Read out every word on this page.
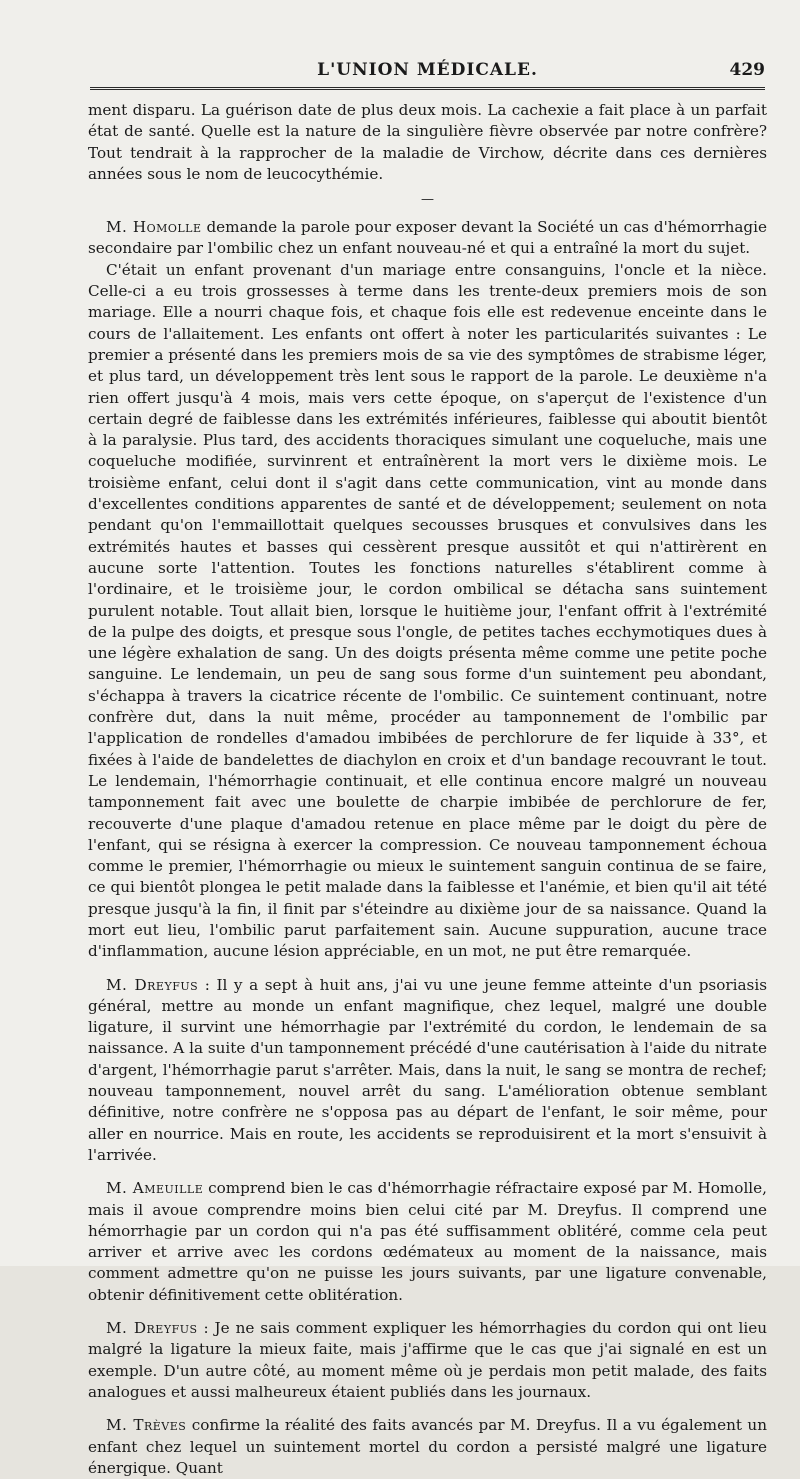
L'UNION MÉDICALE.	429

ment disparu. La guérison date de plus deux mois. La cachexie a fait place à un parfait état de santé. Quelle est la nature de la singulière fièvre observée par notre confrère? Tout tendrait à la rapprocher de la maladie de Virchow, décrite dans ces dernières années sous le nom de leucocythémie.

—

M. Homolle demande la parole pour exposer devant la Société un cas d'hémorrhagie secondaire par l'ombilic chez un enfant nouveau-né et qui a entraîné la mort du sujet.

C'était un enfant provenant d'un mariage entre consanguins, l'oncle et la nièce. Celle-ci a eu trois grossesses à terme dans les trente-deux premiers mois de son mariage. Elle a nourri chaque fois, et chaque fois elle est redevenue enceinte dans le cours de l'allaitement. Les enfants ont offert à noter les particularités suivantes : Le premier a présenté dans les premiers mois de sa vie des symptômes de strabisme léger, et plus tard, un développement très lent sous le rapport de la parole. Le deuxième n'a rien offert jusqu'à 4 mois, mais vers cette époque, on s'aperçut de l'existence d'un certain degré de faiblesse dans les extrémités inférieures, faiblesse qui aboutit bientôt à la paralysie. Plus tard, des accidents thoraciques simulant une coqueluche, mais une coqueluche modifiée, survinrent et entraînèrent la mort vers le dixième mois. Le troisième enfant, celui dont il s'agit dans cette communication, vint au monde dans d'excellentes conditions apparentes de santé et de développement; seulement on nota pendant qu'on l'emmaillottait quelques secousses brusques et convulsives dans les extrémités hautes et basses qui cessèrent presque aussitôt et qui n'attirèrent en aucune sorte l'attention. Toutes les fonctions naturelles s'établirent comme à l'ordinaire, et le troisième jour, le cordon ombilical se détacha sans suintement purulent notable. Tout allait bien, lorsque le huitième jour, l'enfant offrit à l'extrémité de la pulpe des doigts, et presque sous l'ongle, de petites taches ecchymotiques dues à une légère exhalation de sang. Un des doigts présenta même comme une petite poche sanguine. Le lendemain, un peu de sang sous forme d'un suintement peu abondant, s'échappa à travers la cicatrice récente de l'ombilic. Ce suintement continuant, notre confrère dut, dans la nuit même, procéder au tamponnement de l'ombilic par l'application de rondelles d'amadou imbibées de perchlorure de fer liquide à 33°, et fixées à l'aide de bandelettes de diachylon en croix et d'un bandage recouvrant le tout. Le lendemain, l'hémorrhagie continuait, et elle continua encore malgré un nouveau tamponnement fait avec une boulette de charpie imbibée de perchlorure de fer, recouverte d'une plaque d'amadou retenue en place même par le doigt du père de l'enfant, qui se résigna à exercer la compression. Ce nouveau tamponnement échoua comme le premier, l'hémorrhagie ou mieux le suintement sanguin continua de se faire, ce qui bientôt plongea le petit malade dans la faiblesse et l'anémie, et bien qu'il ait tété presque jusqu'à la fin, il finit par s'éteindre au dixième jour de sa naissance. Quand la mort eut lieu, l'ombilic parut parfaitement sain. Aucune suppuration, aucune trace d'inflammation, aucune lésion appréciable, en un mot, ne put être remarquée.

M. Dreyfus : Il y a sept à huit ans, j'ai vu une jeune femme atteinte d'un psoriasis général, mettre au monde un enfant magnifique, chez lequel, malgré une double ligature, il survint une hémorrhagie par l'extrémité du cordon, le lendemain de sa naissance. A la suite d'un tamponnement précédé d'une cautérisation à l'aide du nitrate d'argent, l'hémorrhagie parut s'arrêter. Mais, dans la nuit, le sang se montra de rechef; nouveau tamponnement, nouvel arrêt du sang. L'amélioration obtenue semblant définitive, notre confrère ne s'opposa pas au départ de l'enfant, le soir même, pour aller en nourrice. Mais en route, les accidents se reproduisirent et la mort s'ensuivit à l'arrivée.

M. Ameuille comprend bien le cas d'hémorrhagie réfractaire exposé par M. Homolle, mais il avoue comprendre moins bien celui cité par M. Dreyfus. Il comprend une hémorrhagie par un cordon qui n'a pas été suffisamment oblitéré, comme cela peut arriver et arrive avec les cordons œdémateux au moment de la naissance, mais comment admettre qu'on ne puisse les jours suivants, par une ligature convenable, obtenir définitivement cette oblitération.

M. Dreyfus : Je ne sais comment expliquer les hémorrhagies du cordon qui ont lieu malgré la ligature la mieux faite, mais j'affirme que le cas que j'ai signalé en est un exemple. D'un autre côté, au moment même où je perdais mon petit malade, des faits analogues et aussi malheureux étaient publiés dans les journaux.

M. Trèves confirme la réalité des faits avancés par M. Dreyfus. Il a vu également un enfant chez lequel un suintement mortel du cordon a persisté malgré une ligature énergique. Quant
